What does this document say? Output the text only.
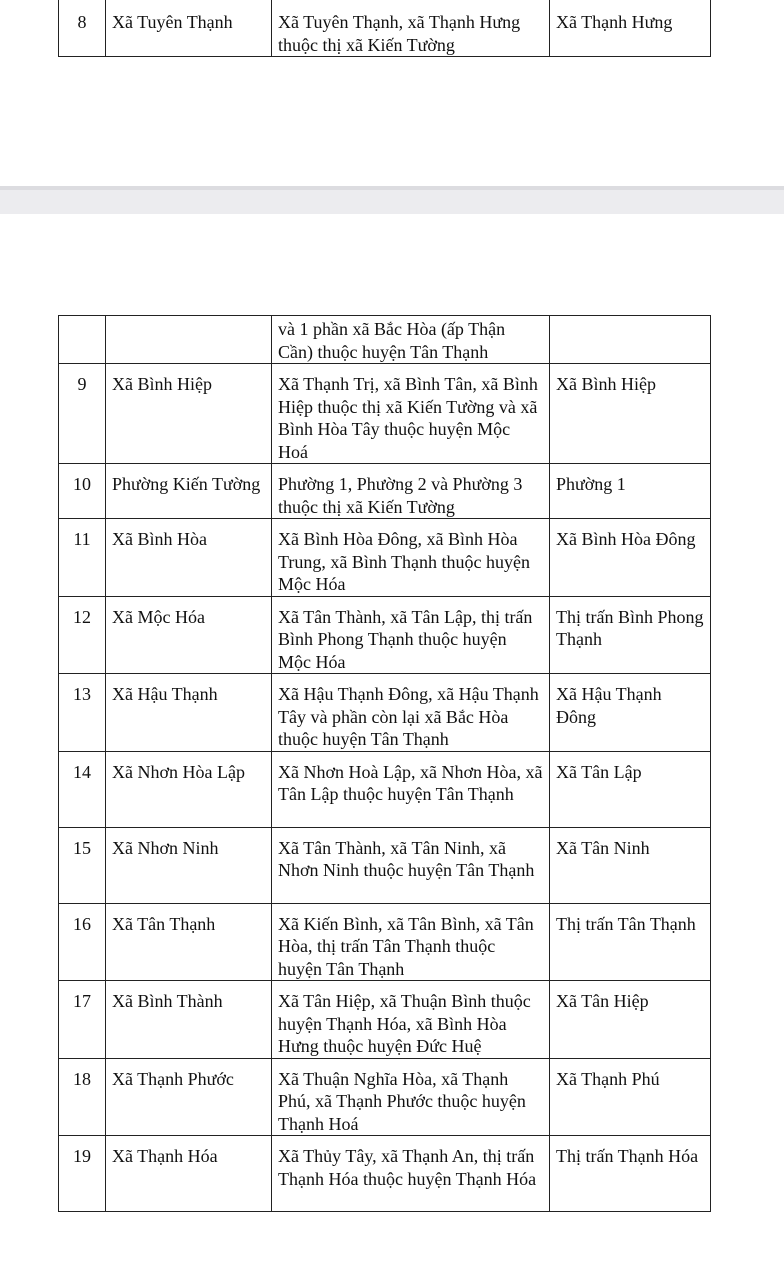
8	Xã Tuyên Thạnh	Xã Tuyên Thạnh, xã Thạnh Hưng thuộc thị xã Kiến Tường	Xã Thạnh Hưng
		và 1 phần xã Bắc Hòa (ấp Thận Cần) thuộc huyện Tân Thạnh	
9	Xã Bình Hiệp	Xã Thạnh Trị, xã Bình Tân, xã Bình Hiệp thuộc thị xã Kiến Tường và xã Bình Hòa Tây thuộc huyện Mộc Hoá	Xã Bình Hiệp
10	Phường Kiến Tường	Phường 1, Phường 2 và Phường 3 thuộc thị xã Kiến Tường	Phường 1
11	Xã Bình Hòa	Xã Bình Hòa Đông, xã Bình Hòa Trung, xã Bình Thạnh thuộc huyện Mộc Hóa	Xã Bình Hòa Đông
12	Xã Mộc Hóa	Xã Tân Thành, xã Tân Lập, thị trấn Bình Phong Thạnh thuộc huyện Mộc Hóa	Thị trấn Bình Phong Thạnh
13	Xã Hậu Thạnh	Xã Hậu Thạnh Đông, xã Hậu Thạnh Tây và phần còn lại xã Bắc Hòa thuộc huyện Tân Thạnh	Xã Hậu Thạnh Đông
14	Xã Nhơn Hòa Lập	Xã Nhơn Hoà Lập, xã Nhơn Hòa, xã Tân Lập thuộc huyện Tân Thạnh	Xã Tân Lập
15	Xã Nhơn Ninh	Xã Tân Thành, xã Tân Ninh, xã Nhơn Ninh thuộc huyện Tân Thạnh	Xã Tân Ninh
16	Xã Tân Thạnh	Xã Kiến Bình, xã Tân Bình, xã Tân Hòa, thị trấn Tân Thạnh thuộc huyện Tân Thạnh	Thị trấn Tân Thạnh
17	Xã Bình Thành	Xã Tân Hiệp, xã Thuận Bình thuộc huyện Thạnh Hóa, xã Bình Hòa Hưng thuộc huyện Đức Huệ	Xã Tân Hiệp
18	Xã Thạnh Phước	Xã Thuận Nghĩa Hòa, xã Thạnh Phú, xã Thạnh Phước thuộc huyện Thạnh Hoá	Xã Thạnh Phú
19	Xã Thạnh Hóa	Xã Thủy Tây, xã Thạnh An, thị trấn Thạnh Hóa thuộc huyện Thạnh Hóa	Thị trấn Thạnh Hóa
